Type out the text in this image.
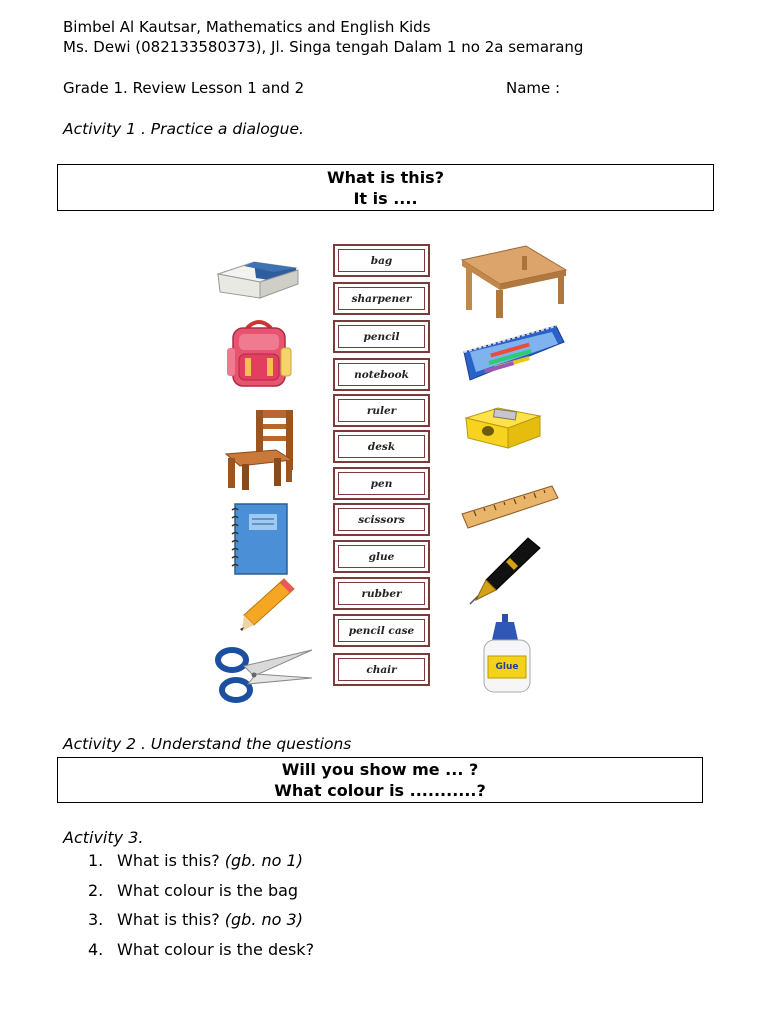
Bimbel Al Kautsar, Mathematics and English Kids
Ms. Dewi (082133580373), Jl. Singa tengah Dalam 1 no 2a semarang
Grade 1. Review Lesson 1 and 2	Name :
Activity 1 . Practice a dialogue.
What is this?
It is ....
bag
sharpener
pencil
notebook
ruler
desk
pen
scissors
glue
rubber
pencil case
chair	Glue
Activity 2 . Understand the questions
Will you show me ... ?
What colour is ...........?
Activity 3.
1. What is this? (gb. no 1)
2. What colour is the bag
3. What is this? (gb. no 3)
4. What colour is the desk?
